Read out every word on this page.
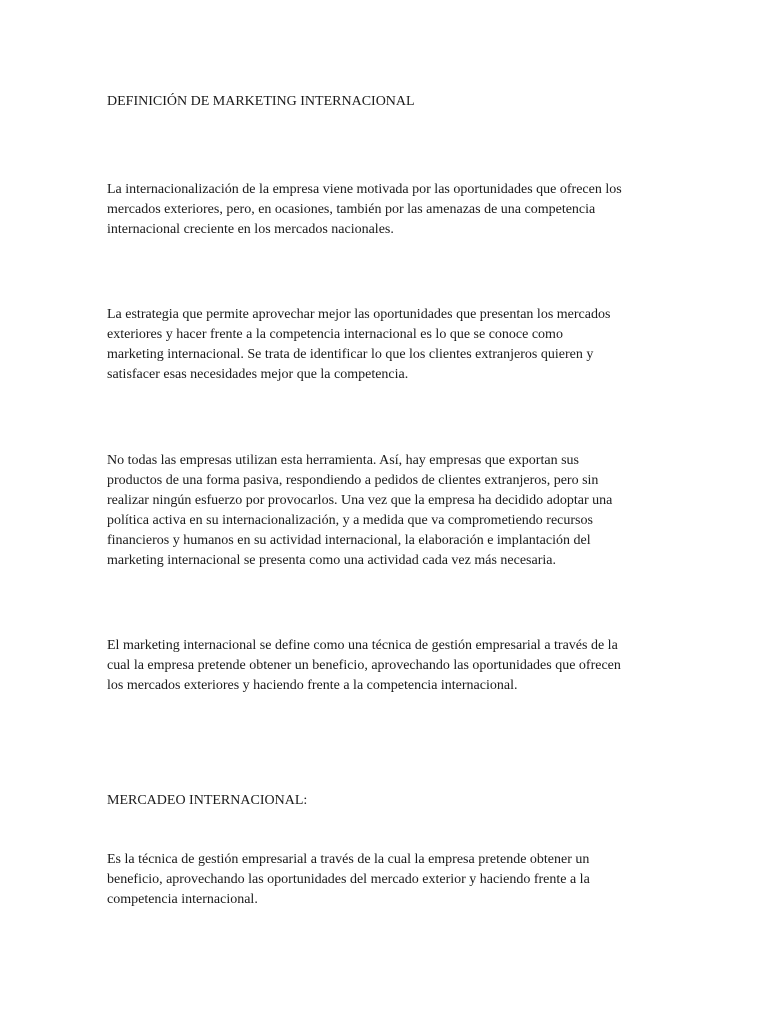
DEFINICIÓN DE MARKETING INTERNACIONAL
La internacionalización de la empresa viene motivada por las oportunidades que ofrecen los
mercados exteriores, pero, en ocasiones, también por las amenazas de una competencia
internacional creciente en los mercados nacionales.
La estrategia que permite aprovechar mejor las oportunidades que presentan los mercados
exteriores y hacer frente a la competencia internacional es lo que se conoce como
marketing internacional. Se trata de identificar lo que los clientes extranjeros quieren y
satisfacer esas necesidades mejor que la competencia.
No todas las empresas utilizan esta herramienta. Así, hay empresas que exportan sus
productos de una forma pasiva, respondiendo a pedidos de clientes extranjeros, pero sin
realizar ningún esfuerzo por provocarlos. Una vez que la empresa ha decidido adoptar una
política activa en su internacionalización, y a medida que va comprometiendo recursos
financieros y humanos en su actividad internacional, la elaboración e implantación del
marketing internacional se presenta como una actividad cada vez más necesaria.
El marketing internacional se define como una técnica de gestión empresarial a través de la
cual la empresa pretende obtener un beneficio, aprovechando las oportunidades que ofrecen
los mercados exteriores y haciendo frente a la competencia internacional.
MERCADEO INTERNACIONAL:
Es la técnica de gestión empresarial a través de la cual la empresa pretende obtener un
beneficio, aprovechando las oportunidades del mercado exterior y haciendo frente a la
competencia internacional.
